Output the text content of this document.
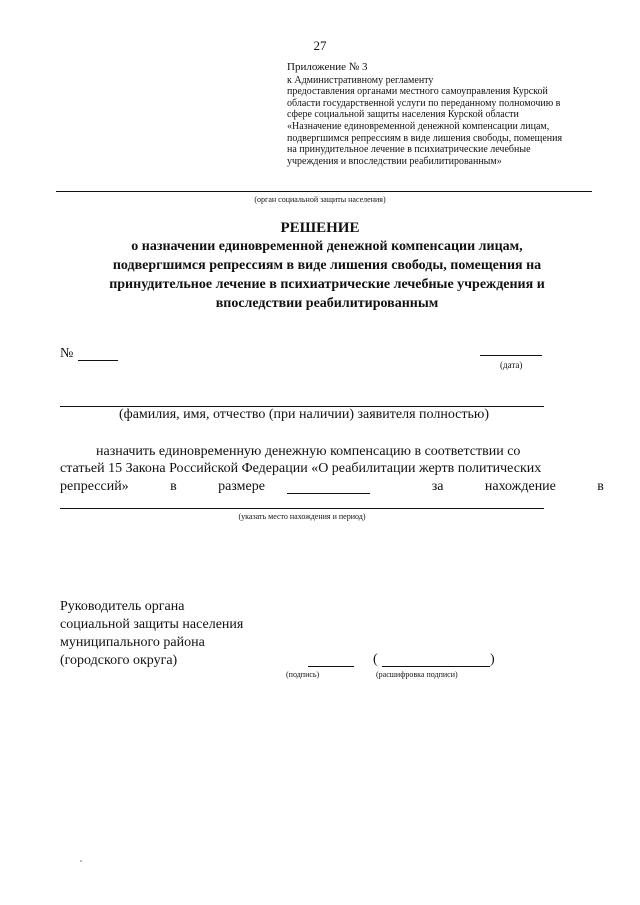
27
Приложение № 3
к Административному регламенту
предоставления органами местного самоуправления Курской
области государственной услуги по переданному полномочию в
сфере социальной защиты населения Курской области
«Назначение единовременной денежной компенсации лицам,
подвергшимся репрессиям в виде лишения свободы, помещения
на принудительное лечение в психиатрические лечебные
учреждения и впоследствии реабилитированным»
(орган социальной защиты населения)
РЕШЕНИЕ
о назначении единовременной денежной компенсации лицам, подвергшимся репрессиям в виде лишения свободы, помещения на принудительное лечение в психиатрические лечебные учреждения и впоследствии реабилитированным
№
(дата)
(фамилия, имя, отчество (при наличии) заявителя полностью)
назначить единовременную денежную компенсацию в соответствии со
статьей 15 Закона Российской Федерации «О реабилитации жертв политических
репрессий»	в	размере	за	нахождение	в
(указать место нахождения и период)
Руководитель органа
социальной защиты населения
муниципального района
(городского округа)
(подпись)
(	)
(расшифровка подписи)
